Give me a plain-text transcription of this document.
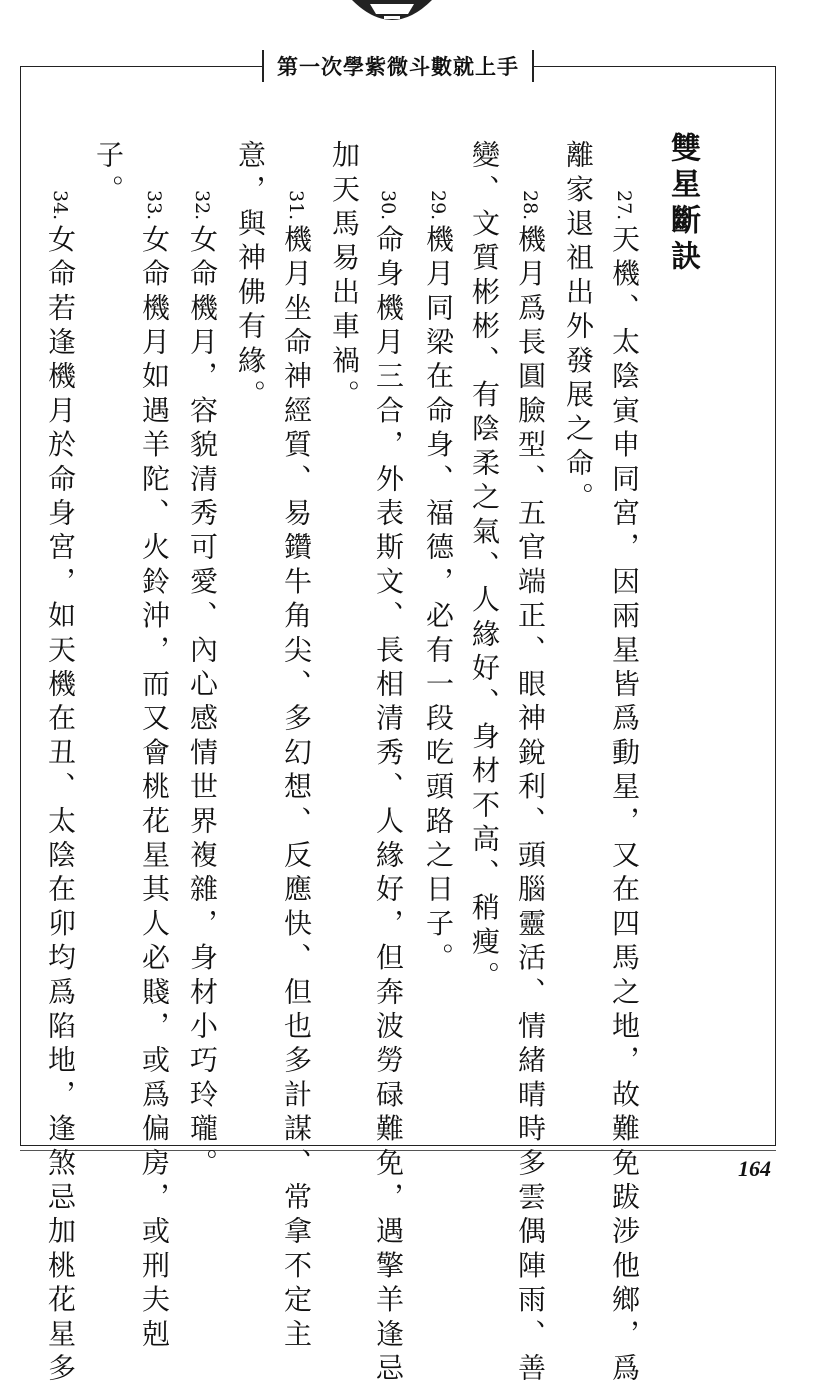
第一次學紫微斗數就上手
雙星斷訣
27.天機、太陰寅申同宮，因兩星皆爲動星，又在四馬之地，故難免跋涉他鄉，爲
離家退祖出外發展之命。
28.機月爲長圓臉型、五官端正、眼神銳利、頭腦靈活、情緒晴時多雲偶陣雨、善
變、文質彬彬、有陰柔之氣、人緣好、身材不高、稍瘦。
29.機月同梁在命身、福德，必有一段吃頭路之日子。
30.命身機月三合，外表斯文、長相清秀、人緣好，但奔波勞碌難免，遇擎羊逢忌
加天馬易出車禍。
31.機月坐命神經質、易鑽牛角尖、多幻想、反應快、但也多計謀、常拿不定主
意，與神佛有緣。
32.女命機月，容貌清秀可愛、內心感情世界複雜，身材小巧玲瓏。
33.女命機月如遇羊陀、火鈴沖，而又會桃花星其人必賤，或爲偏房，或刑夫剋
子。
34.女命若逢機月於命身宮，如天機在丑、太陰在卯均爲陷地，逢煞忌加桃花星多	164
